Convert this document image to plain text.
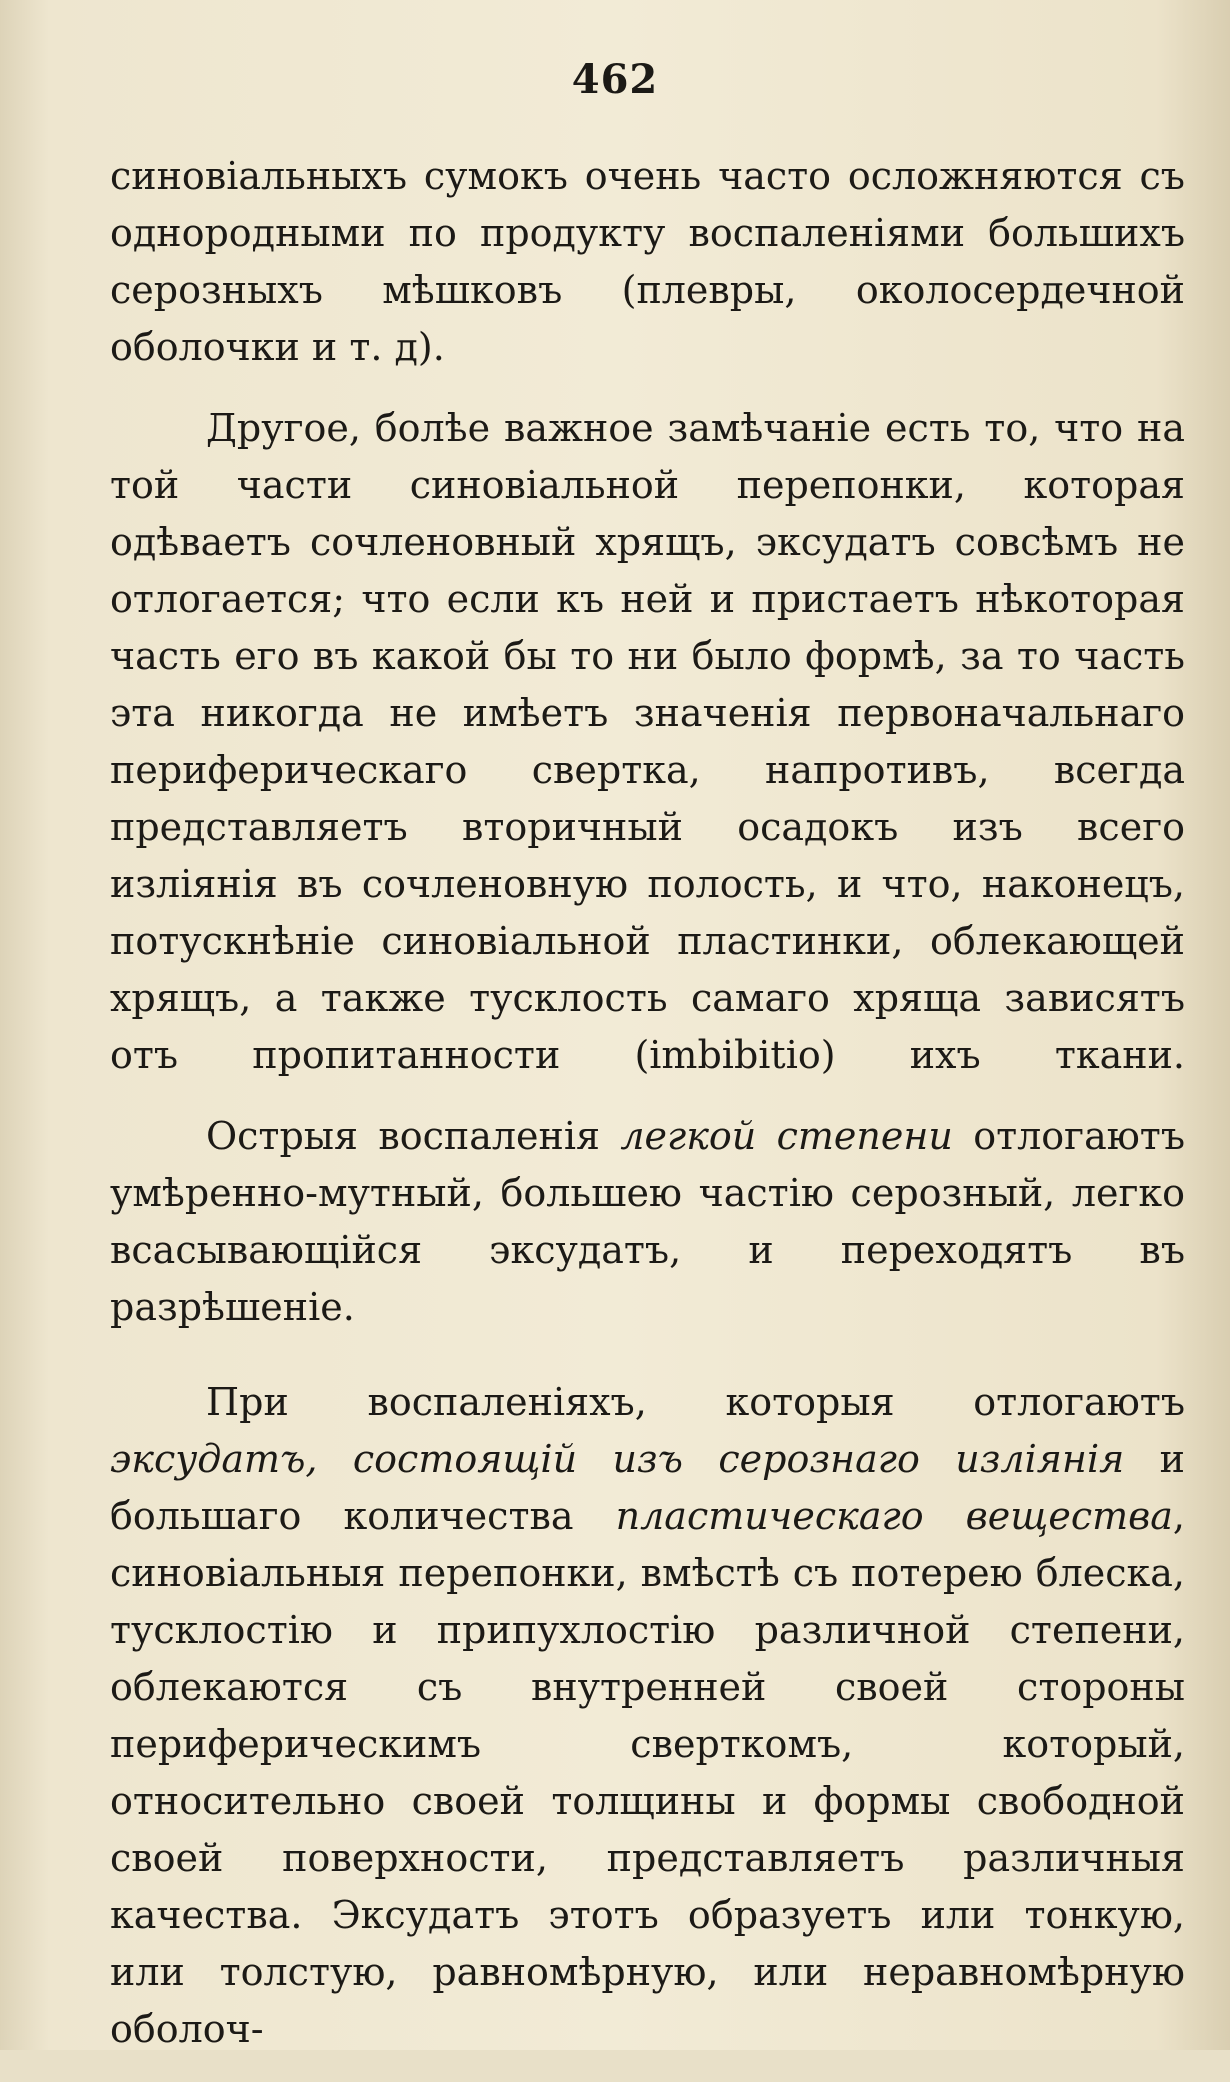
462

синовіальныхъ сумокъ очень часто осложняются съ однородными по продукту воспаленіями большихъ серозныхъ мѣшковъ (плевры, околосердечной оболочки и т. д).

Другое, болѣе важное замѣчаніе есть то, что на той части синовіальной перепонки, которая одѣваетъ сочленовный хрящъ, эксудатъ совсѣмъ не отлогается; что если къ ней и пристаетъ нѣкоторая часть его въ какой бы то ни было формѣ, за то часть эта никогда не имѣетъ значенія первоначальнаго периферическаго свертка, напротивъ, всегда представляетъ вторичный осадокъ изъ всего изліянія въ сочленовную полость, и что, наконецъ, потускнѣніе синовіальной пластинки, облекающей хрящъ, а также тусклость самаго хряща зависятъ отъ пропитанности (imbibitio) ихъ ткани.

Острыя воспаленія легкой степени отлогаютъ умѣренно-мутный, большею частію серозный, легко всасывающійся эксудатъ, и переходятъ въ разрѣшеніе.

При воспаленіяхъ, которыя отлогаютъ эксудатъ, состоящій изъ серознаго изліянія и большаго количества пластическаго вещества, синовіальныя перепонки, вмѣстѣ съ потерею блеска, тусклостію и припухлостію различной степени, облекаются съ внутренней своей стороны периферическимъ сверткомъ, который, относительно своей толщины и формы свободной своей поверхности, представляетъ различныя качества. Эксудатъ этотъ образуетъ или тонкую, или толстую, равномѣрную, или неравномѣрную оболоч-
